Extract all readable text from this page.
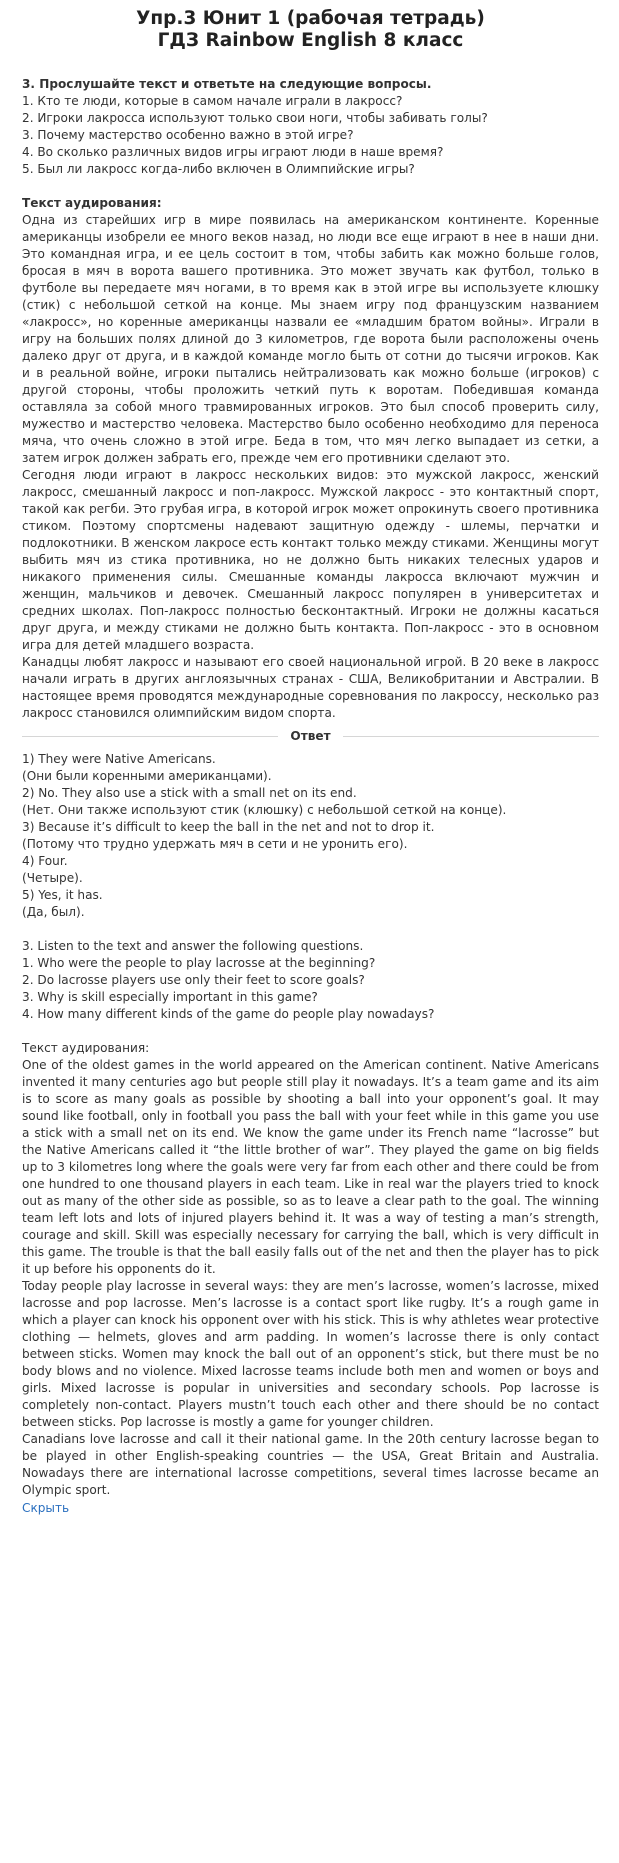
Упр.3 Юнит 1 (рабочая тетрадь)
ГДЗ Rainbow English 8 класс

3. Прослушайте текст и ответьте на следующие вопросы.

1. Кто те люди, которые в самом начале играли в лакросс?
2. Игроки лакросса используют только свои ноги, чтобы забивать голы?
3. Почему мастерство особенно важно в этой игре?
4. Во сколько различных видов игры играют люди в наше время?
5. Был ли лакросс когда-либо включен в Олимпийские игры?

Текст аудирования:

Одна из старейших игр в мире появилась на американском континенте. Коренные американцы изобрели ее много веков назад, но люди все еще играют в нее в наши дни. Это командная игра, и ее цель состоит в том, чтобы забить как можно больше голов, бросая в мяч в ворота вашего противника. Это может звучать как футбол, только в футболе вы передаете мяч ногами, в то время как в этой игре вы используете клюшку (стик) с небольшой сеткой на конце. Мы знаем игру под французским названием «лакросс», но коренные американцы назвали ее «младшим братом войны». Играли в игру на больших полях длиной до 3 километров, где ворота были расположены очень далеко друг от друга, и в каждой команде могло быть от сотни до тысячи игроков. Как и в реальной войне, игроки пытались нейтрализовать как можно больше (игроков) с другой стороны, чтобы проложить четкий путь к воротам. Победившая команда оставляла за собой много травмированных игроков. Это был способ проверить силу, мужество и мастерство человека. Мастерство было особенно необходимо для переноса мяча, что очень сложно в этой игре. Беда в том, что мяч легко выпадает из сетки, а затем игрок должен забрать его, прежде чем его противники сделают это.

Сегодня люди играют в лакросс нескольких видов: это мужской лакросс, женский лакросс, смешанный лакросс и поп-лакросс. Мужской лакросс - это контактный спорт, такой как регби. Это грубая игра, в которой игрок может опрокинуть своего противника стиком. Поэтому спортсмены надевают защитную одежду - шлемы, перчатки и подлокотники. В женском лакросе есть контакт только между стиками. Женщины могут выбить мяч из стика противника, но не должно быть никаких телесных ударов и никакого применения силы. Смешанные команды лакросса включают мужчин и женщин, мальчиков и девочек. Смешанный лакросс популярен в университетах и средних школах. Поп-лакросс полностью бесконтактный. Игроки не должны касаться друг друга, и между стиками не должно быть контакта. Поп-лакросс - это в основном игра для детей младшего возраста.

Канадцы любят лакросс и называют его своей национальной игрой. В 20 веке в лакросс начали играть в других англоязычных странах - США, Великобритании и Австралии. В настоящее время проводятся международные соревнования по лакроссу, несколько раз лакросс становился олимпийским видом спорта.

Ответ
1) They were Native Americans.
(Они были коренными американцами).
2) No. They also use a stick with a small net on its end.
(Нет. Они также используют стик (клюшку) с небольшой сеткой на конце).
3) Because it’s difficult to keep the ball in the net and not to drop it.
(Потому что трудно удержать мяч в сети и не уронить его).
4) Four.
(Четыре).
5) Yes, it has.
(Да, был).

3. Listen to the text and answer the following questions.

1. Who were the people to play lacrosse at the beginning?
2. Do lacrosse players use only their feet to score goals?
3. Why is skill especially important in this game?
4. How many different kinds of the game do people play nowadays?

Текст аудирования:

One of the oldest games in the world appeared on the American continent. Native Americans invented it many centuries ago but people still play it nowadays. It’s a team game and its aim is to score as many goals as possible by shooting a ball into your opponent’s goal. It may sound like football, only in football you pass the ball with your feet while in this game you use a stick with a small net on its end. We know the game under its French name “lacrosse” but the Native Americans called it “the little brother of war”. They played the game on big fields up to 3 kilometres long where the goals were very far from each other and there could be from one hundred to one thousand players in each team. Like in real war the players tried to knock out as many of the other side as possible, so as to leave a clear path to the goal. The winning team left lots and lots of injured players behind it. It was a way of testing a man’s strength, courage and skill. Skill was especially necessary for carrying the ball, which is very difficult in this game. The trouble is that the ball easily falls out of the net and then the player has to pick it up before his opponents do it.

Today people play lacrosse in several ways: they are men’s lacrosse, women’s lacrosse, mixed lacrosse and pop lacrosse. Men’s lacrosse is a contact sport like rugby. It’s a rough game in which a player can knock his opponent over with his stick. This is why athletes wear protective clothing — helmets, gloves and arm padding. In women’s lacrosse there is only contact between sticks. Women may knock the ball out of an opponent’s stick, but there must be no body blows and no violence. Mixed lacrosse teams include both men and women or boys and girls. Mixed lacrosse is popular in universities and secondary schools. Pop lacrosse is completely non-contact. Players mustn’t touch each other and there should be no contact between sticks. Pop lacrosse is mostly a game for younger children.

Canadians love lacrosse and call it their national game. In the 20th century lacrosse began to be played in other English-speaking countries — the USA, Great Britain and Australia. Nowadays there are international lacrosse competitions, several times lacrosse became an Olympic sport.

Скрыть
